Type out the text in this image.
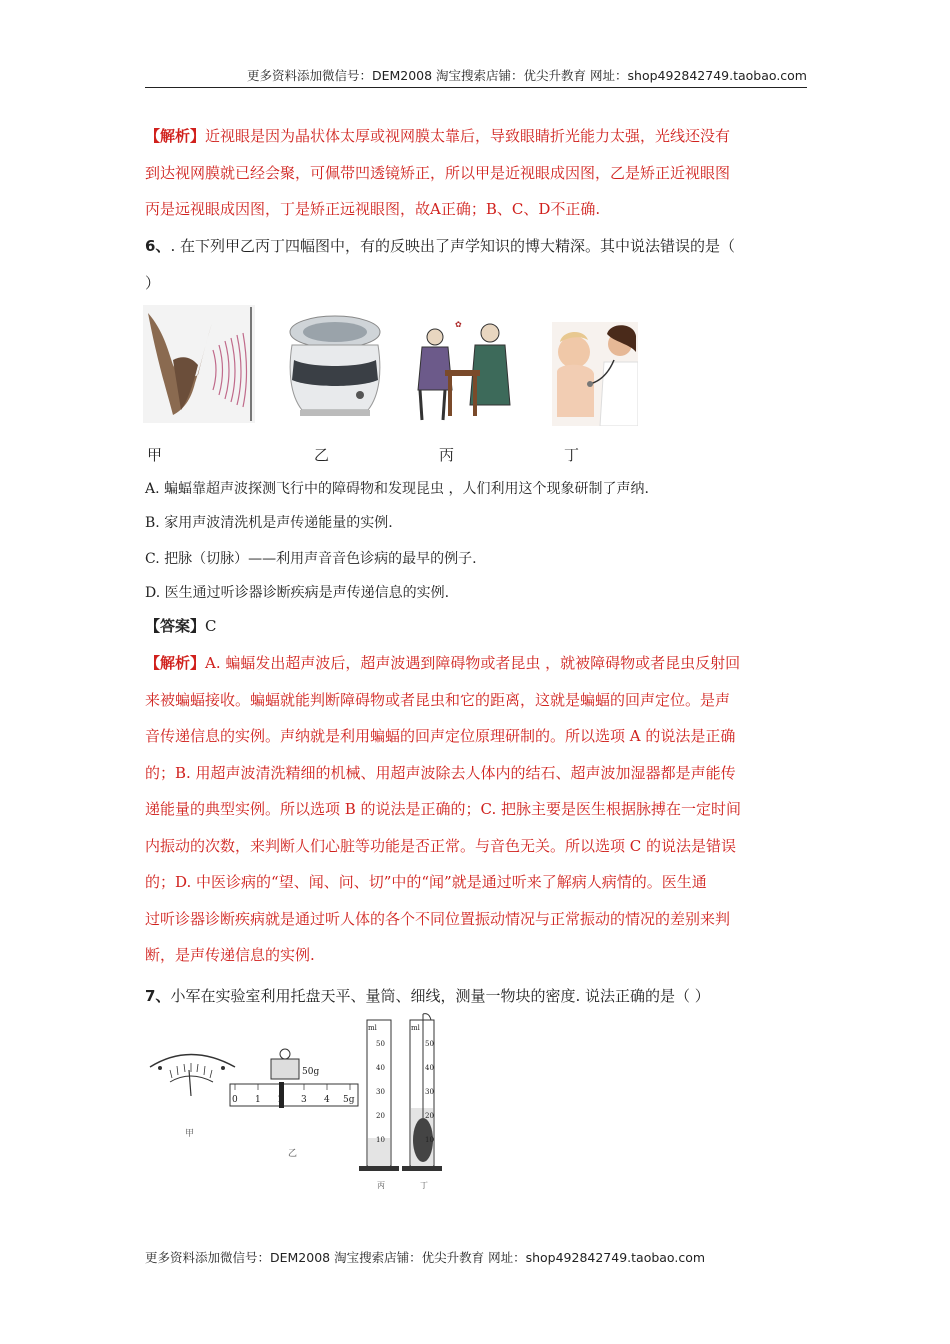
更多资料添加微信号：DEM2008 淘宝搜索店铺：优尖升教育 网址：shop492842749.taobao.com
【解析】近视眼是因为晶状体太厚或视网膜太靠后，导致眼睛折光能力太强，光线还没有
到达视网膜就已经会聚，可佩带凹透镜矫正，所以甲是近视眼成因图，乙是矫正近视眼图
丙是远视眼成因图，丁是矫正远视眼图，故A正确；B、C、D不正确.
6、. 在下列甲乙丙丁四幅图中，有的反映出了声学知识的博大精深。其中说法错误的是（
）
✿
甲	乙	丙	丁
A. 蝙蝠靠超声波探测飞行中的障碍物和发现昆虫 ，人们利用这个现象研制了声纳.
B. 家用声波清洗机是声传递能量的实例.
C. 把脉（切脉）——利用声音音色诊病的最早的例子.
D. 医生通过听诊器诊断疾病是声传递信息的实例.
【答案】C
【解析】A. 蝙蝠发出超声波后，超声波遇到障碍物或者昆虫 ，就被障碍物或者昆虫反射回
来被蝙蝠接收。蝙蝠就能判断障碍物或者昆虫和它的距离，这就是蝙蝠的回声定位。是声
音传递信息的实例。声纳就是利用蝙蝠的回声定位原理研制的。所以选项 A 的说法是正确
的；B. 用超声波清洗精细的机械、用超声波除去人体内的结石、超声波加湿器都是声能传
递能量的典型实例。所以选项 B 的说法是正确的；C. 把脉主要是医生根据脉搏在一定时间
内振动的次数，来判断人们心脏等功能是否正常。与音色无关。所以选项 C 的说法是错误
的；D. 中医诊病的“望、闻、问、切”中的“闻”就是通过听来了解病人病情的。医生通
过听诊器诊断疾病就是通过听人体的各个不同位置振动情况与正常振动的情况的差别来判
断，是声传递信息的实例.
7、小军在实验室利用托盘天平、量筒、细线，测量一物块的密度. 说法正确的是（ ）
甲
50g
0 1	3 4 5g
乙
ml
50
40
30
20
10
丙
ml
50
40
30
20
10
丁
更多资料添加微信号：DEM2008 淘宝搜索店铺：优尖升教育 网址：shop492842749.taobao.com
